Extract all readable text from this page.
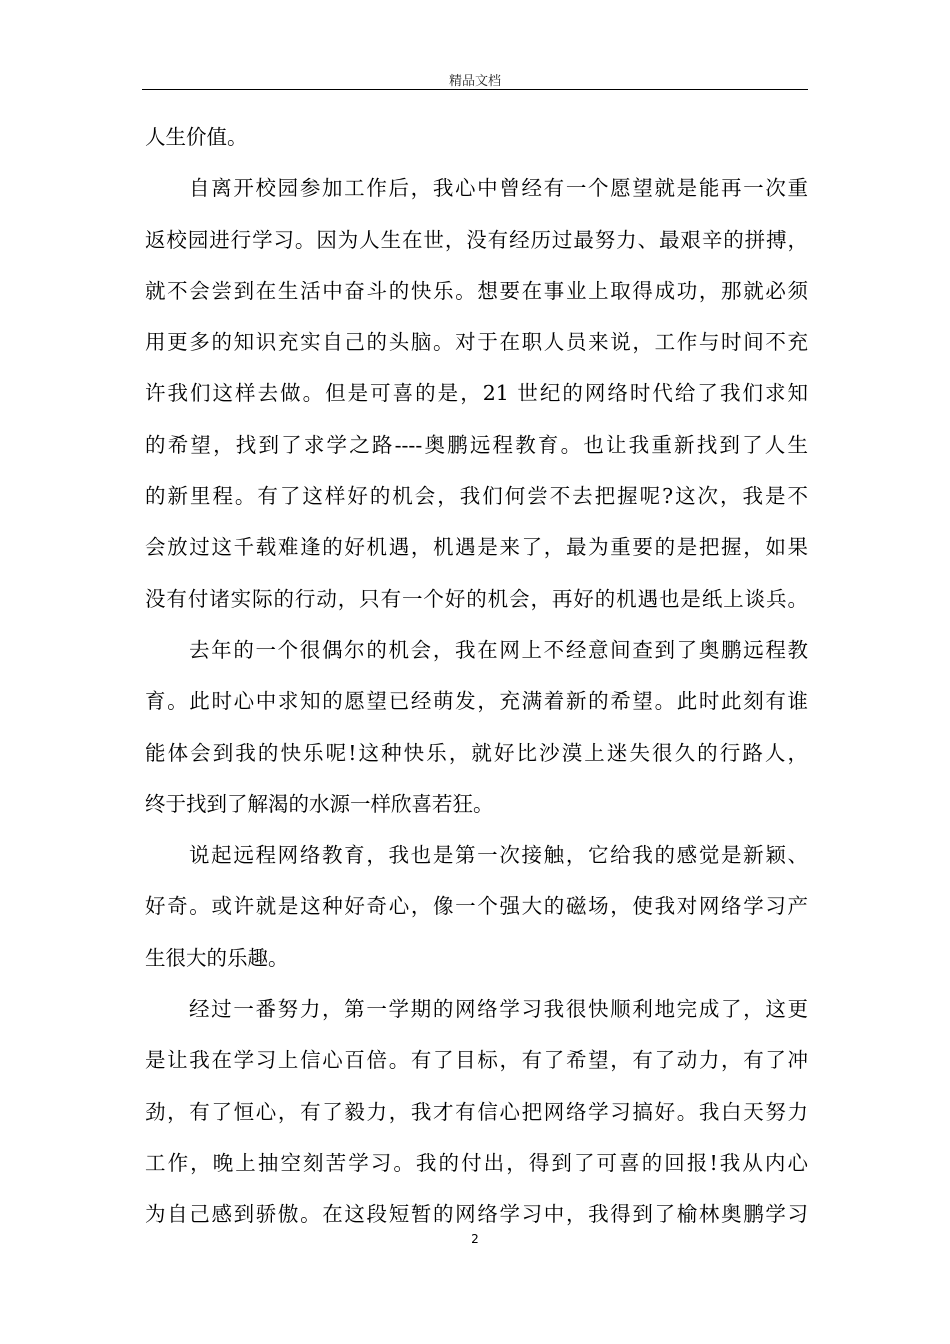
精品文档
人生价值。
自离开校园参加工作后，我心中曾经有一个愿望就是能再一次重
返校园进行学习。因为人生在世，没有经历过最努力、最艰辛的拼搏，
就不会尝到在生活中奋斗的快乐。想要在事业上取得成功，那就必须
用更多的知识充实自己的头脑。对于在职人员来说，工作与时间不充
许我们这样去做。但是可喜的是，21 世纪的网络时代给了我们求知
的希望，找到了求学之路----奥鹏远程教育。也让我重新找到了人生
的新里程。有了这样好的机会，我们何尝不去把握呢?这次，我是不
会放过这千载难逢的好机遇，机遇是来了，最为重要的是把握，如果
没有付诸实际的行动，只有一个好的机会，再好的机遇也是纸上谈兵。
去年的一个很偶尔的机会，我在网上不经意间查到了奥鹏远程教
育。此时心中求知的愿望已经萌发，充满着新的希望。此时此刻有谁
能体会到我的快乐呢!这种快乐，就好比沙漠上迷失很久的行路人，
终于找到了解渴的水源一样欣喜若狂。
说起远程网络教育，我也是第一次接触，它给我的感觉是新颖、
好奇。或许就是这种好奇心，像一个强大的磁场，使我对网络学习产
生很大的乐趣。
经过一番努力，第一学期的网络学习我很快顺利地完成了，这更
是让我在学习上信心百倍。有了目标，有了希望，有了动力，有了冲
劲，有了恒心，有了毅力，我才有信心把网络学习搞好。我白天努力
工作，晚上抽空刻苦学习。我的付出，得到了可喜的回报!我从内心
为自己感到骄傲。在这段短暂的网络学习中，我得到了榆林奥鹏学习
2
